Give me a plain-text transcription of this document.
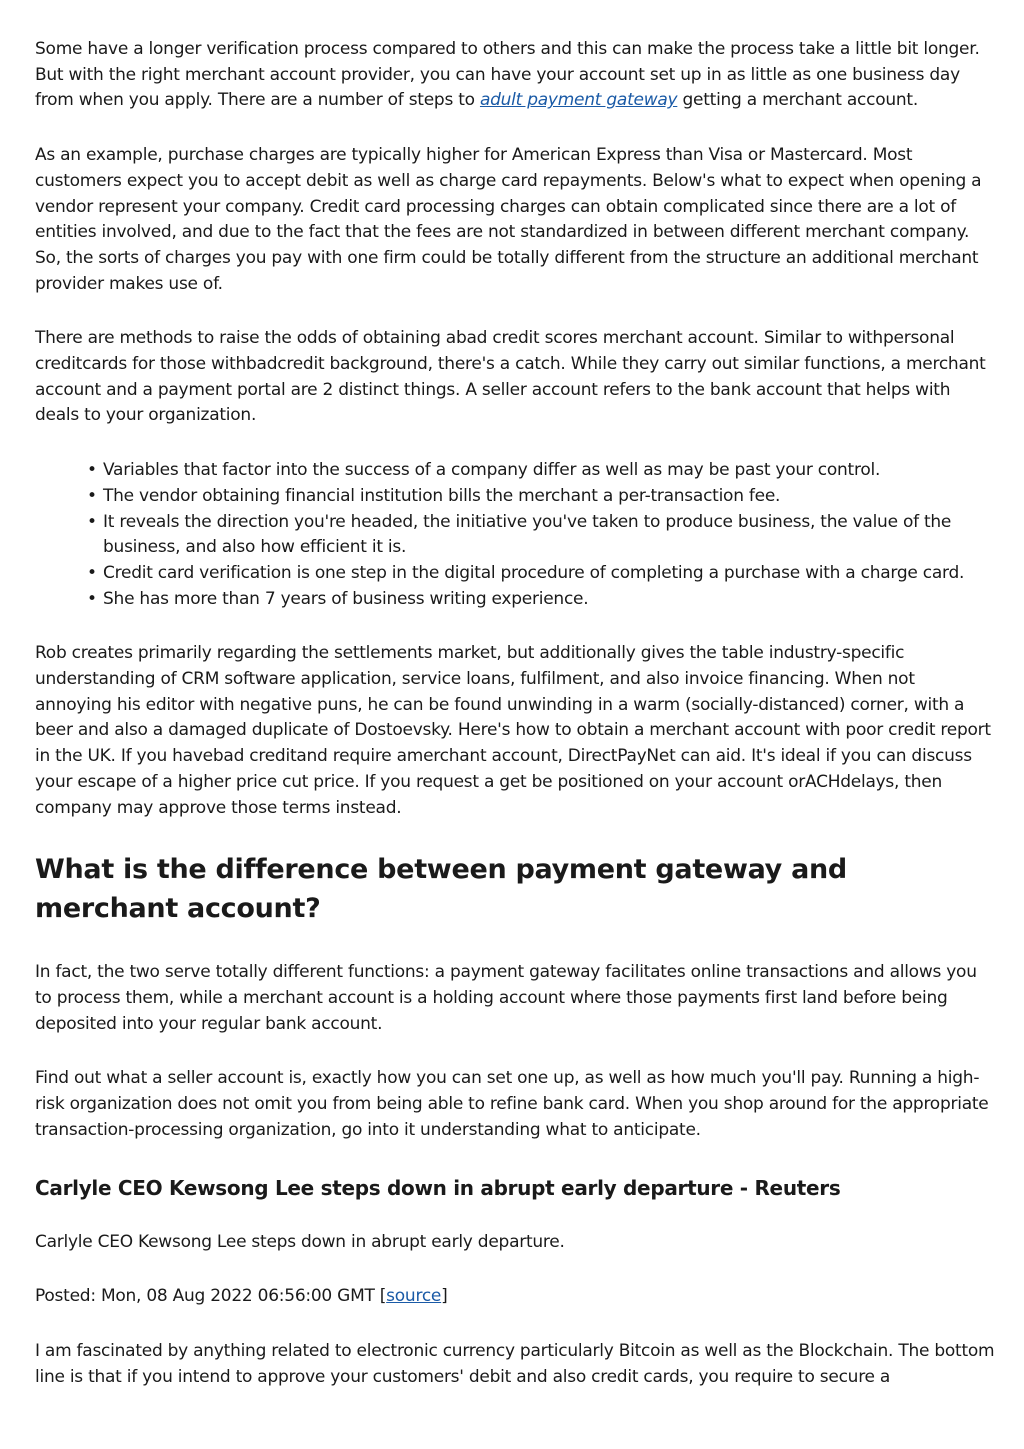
Some have a longer verification process compared to others and this can make the process take a little bit longer. But with the right merchant account provider, you can have your account set up in as little as one business day from when you apply. There are a number of steps to adult payment gateway getting a merchant account.

As an example, purchase charges are typically higher for American Express than Visa or Mastercard. Most customers expect you to accept debit as well as charge card repayments. Below's what to expect when opening a vendor represent your company. Credit card processing charges can obtain complicated since there are a lot of entities involved, and due to the fact that the fees are not standardized in between different merchant company. So, the sorts of charges you pay with one firm could be totally different from the structure an additional merchant provider makes use of.

There are methods to raise the odds of obtaining abad credit scores merchant account. Similar to withpersonal creditcards for those withbadcredit background, there's a catch. While they carry out similar functions, a merchant account and a payment portal are 2 distinct things. A seller account refers to the bank account that helps with deals to your organization.

• Variables that factor into the success of a company differ as well as may be past your control.
• The vendor obtaining financial institution bills the merchant a per-transaction fee.
• It reveals the direction you're headed, the initiative you've taken to produce business, the value of the business, and also how efficient it is.
• Credit card verification is one step in the digital procedure of completing a purchase with a charge card.
• She has more than 7 years of business writing experience.

Rob creates primarily regarding the settlements market, but additionally gives the table industry-specific understanding of CRM software application, service loans, fulfilment, and also invoice financing. When not annoying his editor with negative puns, he can be found unwinding in a warm (socially-distanced) corner, with a beer and also a damaged duplicate of Dostoevsky. Here's how to obtain a merchant account with poor credit report in the UK. If you havebad creditand require amerchant account, DirectPayNet can aid. It's ideal if you can discuss your escape of a higher price cut price. If you request a get be positioned on your account orACHdelays, then company may approve those terms instead.

What is the difference between payment gateway and merchant account?

In fact, the two serve totally different functions: a payment gateway facilitates online transactions and allows you to process them, while a merchant account is a holding account where those payments first land before being deposited into your regular bank account.

Find out what a seller account is, exactly how you can set one up, as well as how much you'll pay. Running a high-risk organization does not omit you from being able to refine bank card. When you shop around for the appropriate transaction-processing organization, go into it understanding what to anticipate.

Carlyle CEO Kewsong Lee steps down in abrupt early departure - Reuters

Carlyle CEO Kewsong Lee steps down in abrupt early departure.

Posted: Mon, 08 Aug 2022 06:56:00 GMT [source]

I am fascinated by anything related to electronic currency particularly Bitcoin as well as the Blockchain. The bottom line is that if you intend to approve your customers' debit and also credit cards, you require to secure a
